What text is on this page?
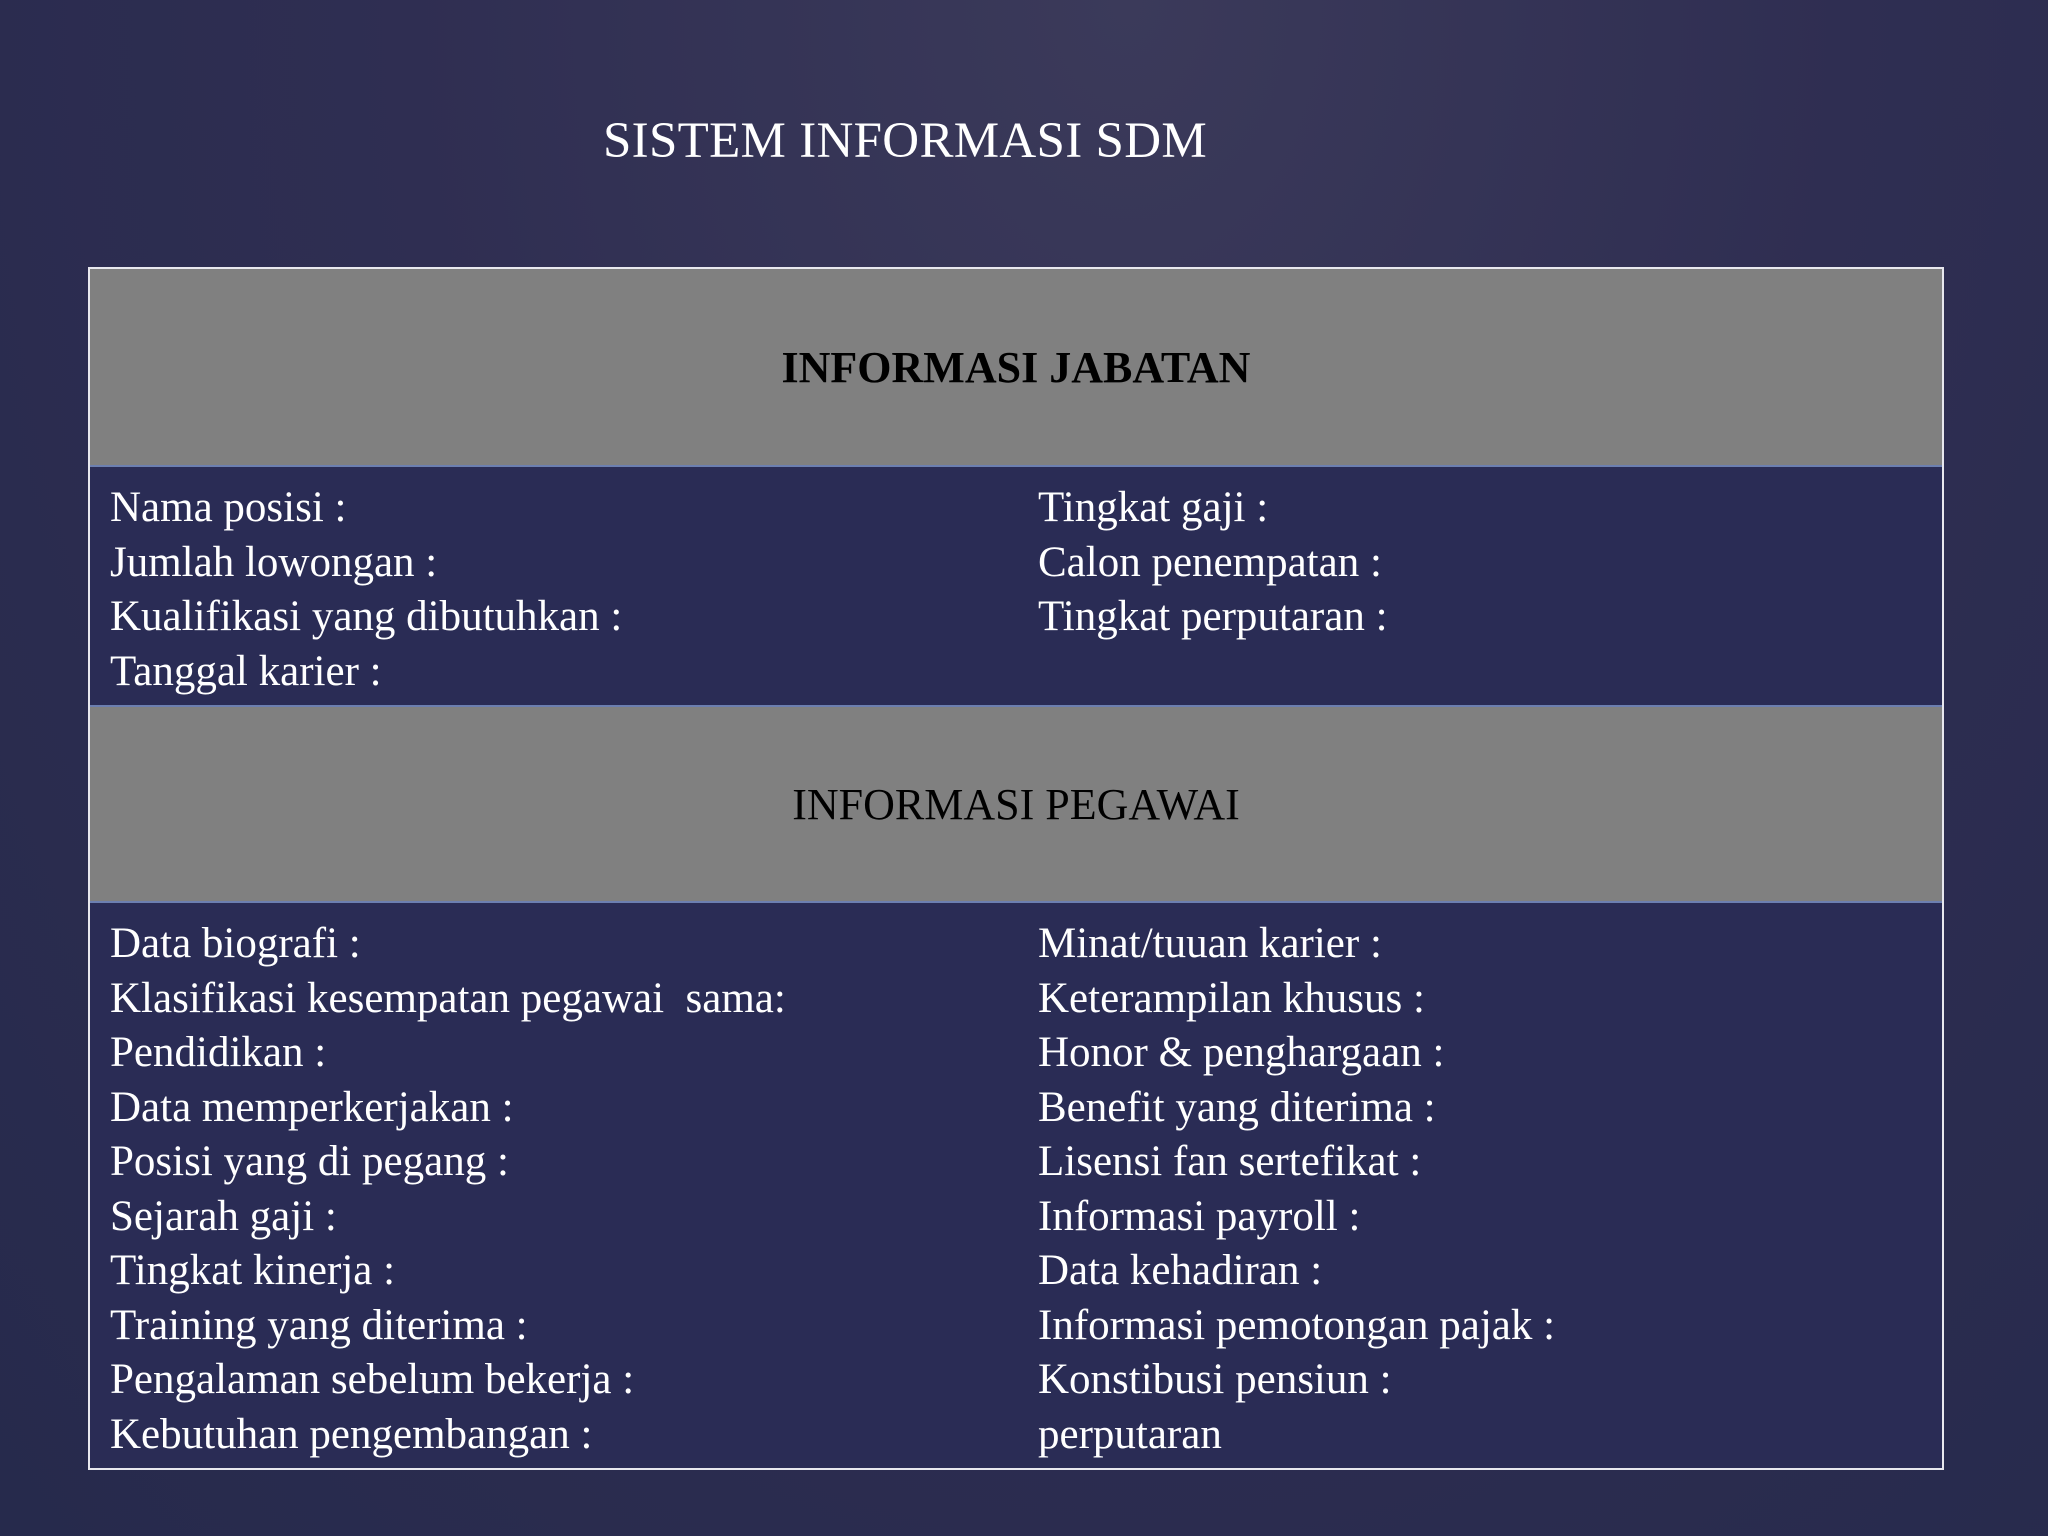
SISTEM INFORMASI SDM
INFORMASI JABATAN
Nama posisi :
Jumlah lowongan :
Kualifikasi yang dibutuhkan :
Tanggal karier :
Tingkat gaji :
Calon penempatan :
Tingkat perputaran :
INFORMASI PEGAWAI
Data biografi :
Klasifikasi kesempatan pegawai  sama:
Pendidikan :
Data memperkerjakan :
Posisi yang di pegang :
Sejarah gaji :
Tingkat kinerja :
Training yang diterima :
Pengalaman sebelum bekerja :
Kebutuhan pengembangan :
Minat/tuuan karier :
Keterampilan khusus :
Honor & penghargaan :
Benefit yang diterima :
Lisensi fan sertefikat :
Informasi payroll :
Data kehadiran :
Informasi pemotongan pajak :
Konstibusi pensiun :
perputaran
